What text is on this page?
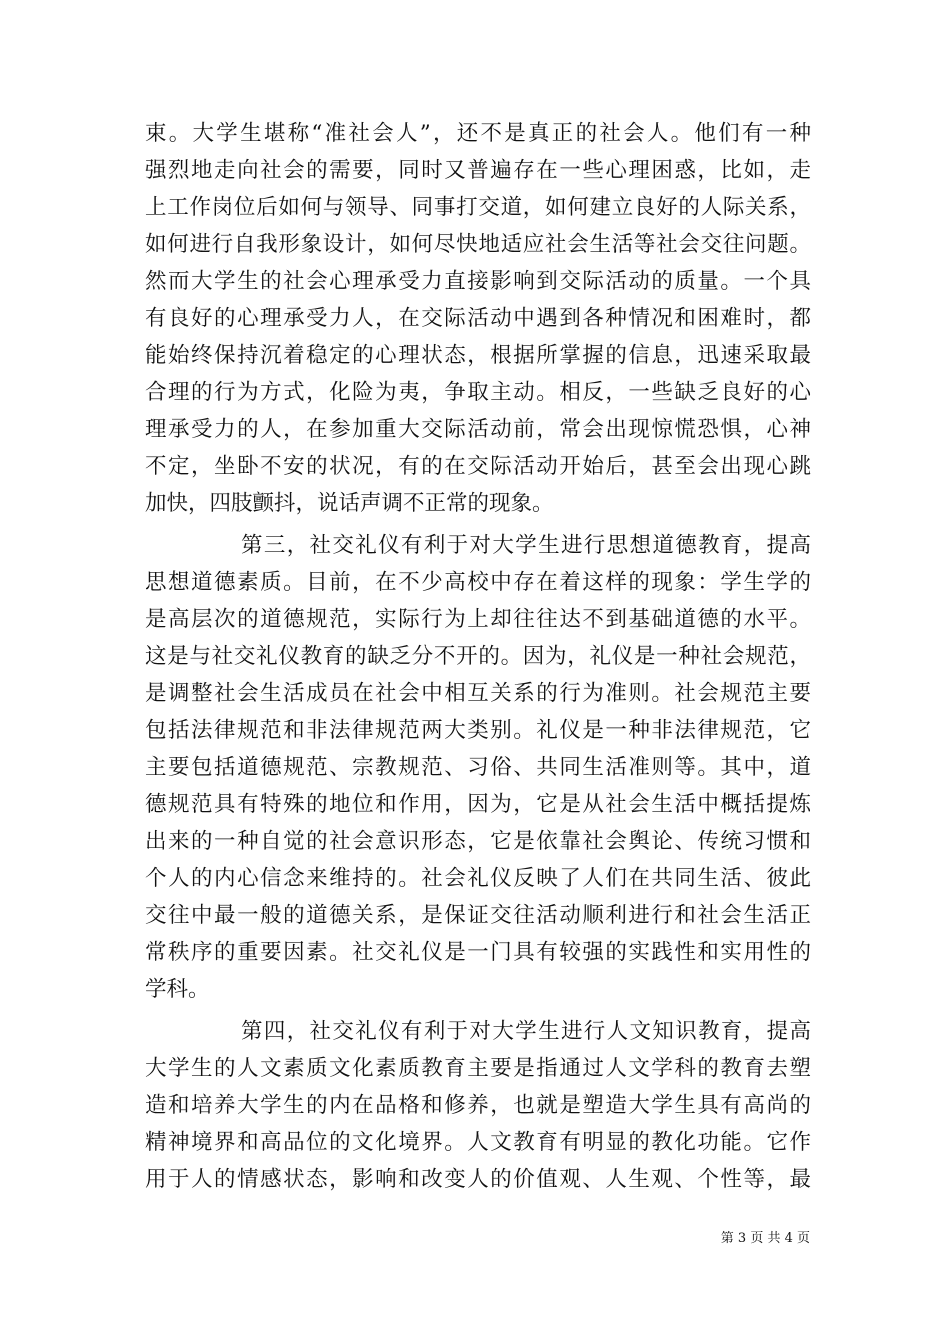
束。大学生堪称“准社会人”，还不是真正的社会人。他们有一种
强烈地走向社会的需要，同时又普遍存在一些心理困惑，比如，走
上工作岗位后如何与领导、同事打交道，如何建立良好的人际关系，
如何进行自我形象设计，如何尽快地适应社会生活等社会交往问题。
然而大学生的社会心理承受力直接影响到交际活动的质量。一个具
有良好的心理承受力人，在交际活动中遇到各种情况和困难时，都
能始终保持沉着稳定的心理状态，根据所掌握的信息，迅速采取最
合理的行为方式，化险为夷，争取主动。相反，一些缺乏良好的心
理承受力的人，在参加重大交际活动前，常会出现惊慌恐惧，心神
不定，坐卧不安的状况，有的在交际活动开始后，甚至会出现心跳
加快，四肢颤抖，说话声调不正常的现象。
第三，社交礼仪有利于对大学生进行思想道德教育，提高
思想道德素质。目前，在不少高校中存在着这样的现象：学生学的
是高层次的道德规范，实际行为上却往往达不到基础道德的水平。
这是与社交礼仪教育的缺乏分不开的。因为，礼仪是一种社会规范，
是调整社会生活成员在社会中相互关系的行为准则。社会规范主要
包括法律规范和非法律规范两大类别。礼仪是一种非法律规范，它
主要包括道德规范、宗教规范、习俗、共同生活准则等。其中，道
德规范具有特殊的地位和作用，因为，它是从社会生活中概括提炼
出来的一种自觉的社会意识形态，它是依靠社会舆论、传统习惯和
个人的内心信念来维持的。社会礼仪反映了人们在共同生活、彼此
交往中最一般的道德关系，是保证交往活动顺利进行和社会生活正
常秩序的重要因素。社交礼仪是一门具有较强的实践性和实用性的
学科。
第四，社交礼仪有利于对大学生进行人文知识教育，提高
大学生的人文素质文化素质教育主要是指通过人文学科的教育去塑
造和培养大学生的内在品格和修养，也就是塑造大学生具有高尚的
精神境界和高品位的文化境界。人文教育有明显的教化功能。它作
用于人的情感状态，影响和改变人的价值观、人生观、个性等，最
第 3 页 共 4 页
